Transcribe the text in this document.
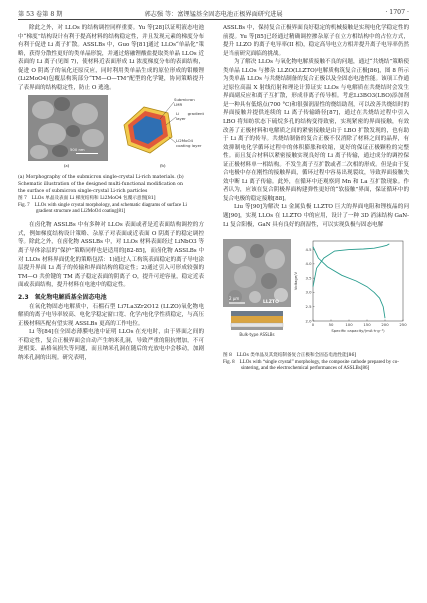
第 53 卷第 8 期	郭志强 等：富锂锰基全固态电池正极界面研究进展	· 1707 ·

除此之外，对 LLOs 的结构调控同样重要。Yu 等[28]以证明液态电池中“梯度”结构设计有利于提高材料的结构稳定性，并且发现元素的梯度分布有利于促进 Li 离子扩散。ASSLBs 中，Guo 等[81]通过 LLOs“单晶化”策略，获得分散性更好的类单晶形貌，并通过熔融锂酸盐提取类单晶 LLOs 近表面的 Li 离子(见图 7)，使材料近表面形成 Li 浓度梯度分布的表面结构，促进 O 阴离子的氧化还原反应，同时利用类单晶生成的原位形成的钼酸锂(Li2MoO4)包覆层构筑部分“TM—O—TM”配型的化学键，协同策略提升了表界面的结构稳定性，防止 O 逃逸。

500 nm
(a)
Submicron LMR
Li gradient layer
Li2MoO4 coating layer
(b)
(a) Morphography of the submicron single-crystal Li-rich materials. (b)
Schematic illustration of the designed multi-functional modification on
the surface of submicron single-crystal Li-rich particles
图 7　LLOs 单晶及表面 Li 梯度结构和 Li2MoO4 包覆示意图[81]
Fig. 7　LLOs with single crystal morphology, and schematic diagrams of surface Li gradient structure and Li2MoO4 coating[81]

在卤化物 ASSLBs 中有多种对 LLOs 表面或者是近表面结构调控的方式，例如梯度结构设计策略、杂原子对表面或近表面 O 阴离子的稳定调控等。除此之外，在卤化物 ASSLBs 中，对 LLOs 材料表面经过 LiNbO3 等离子导体涂层的“保护”策略同样也是适用的[82-85]，而卤化物 ASSLBs 中对 LLOs 材料界面优化的策略包括：1)通过人工构筑表面稳定的离子导电涂层提升界面 Li 离子的传输和界面结构的稳定性；2)通过引入可形成较强的 TM—O 共价键的 TM 离子稳定表面的阴离子 O，提升可逆容量，稳定近表面或表面结构，提升材料在电池中的稳定性。

2.3　氧化物电解质基全固态电池

在氧化物固态电解质中，石榴石型 Li7La3Zr2O12 (LLZO)氧化物电解质的离子电导率较高、电化学稳定窗口宽、化学/电化学性质稳定，与高压正极材料匹配有望实现 ASSLBs 更高的工作电位。

Li 等[84]在全固态薄膜电池中证明 LLOs 在充电时，由于界面之间的不稳定性，复合正极界面会自动产生纳米孔洞，导致严重的阻抗增加，不可逆相变、晶格氧损失等问题，而且纳米孔洞在随后的充放电中会移动，加剧纳米孔洞的出现。研究表明，

ASSLBs 中，保持复合正极界面良好稳定的机械接触是实现电化学稳定性的前提。Yu 等[85]已经通过精确调控掺杂原子在立方相结构中的占位方式，提升 LLZO 的离子电导率(II 相)，稳定高导电立方相并提升离子电导率仍然是当前研究面临的挑战。

为了解决 LLOs 与氧化物电解质接触不良的问题，通过“共烧结”策略使类单晶 LLOs 与掺杂 LLZO(LLZTO)电解质构筑复合正极[86]，图 8 所示为类单晶 LLOs 与共烧结制备的复合正极以及全固态电池性能。该项工作通过原位高温 X 射线衍射和理论计算证实 LLOs 与电解质在共烧结时会发生界面副反应和离子互扩散，形成非离子传导相。考虑Li3BO3(LBO)添加剂是一种具有低熔点(700 °C)和很强润湿性的烧结助剂，可以改善共烧结时的界面接触并提供连续的 Li 离子传输路径[87]，通过在共烧结过程中引入 LBO 将知纺状态下硫烷多孔的结构变得致密，实现紧密的界面接触，有效改善了正极材料和电解质之间的紧密接触是由于 LBO 扩散发现的，也有助于 Li 离子的传导。共烧结制备的复合正极不仅消除了材料之间的晶界，有效抑制电化学循环过程中的体积膨胀和收缩，更好的保证正极颗粒的完整性。而且复合材料以紧密接触实现良好的 Li 离子传输，通过成分的调控保证正极材料单一相结构。不发生离子互扩散或者二次相的形成。但是由于复合电极中存在刚性的接触界面，循环过程中容易出现裂纹，导致界面接触失效中断 Li 离子传输。此外，在循环中还观察到 Mn 和 La 互扩散现象。作者认为，应该在复合阴极界面构建弹性更好的“软接触”界面，保证循环中的复合电极的稳定接触[88]。

Liu 等[90]为解决 Li 金属负极 LLZTO 巨大的界面电阻和锂枝晶的问题[90]，实现 LLOs 在 LLZTO 中的应用，设计了一种 3D 消沫结构 GaN-Li 复合阳极，GaN 具有良好的润湿性，可以实现负极与固态电解

2 μm
LLZTO
Bulk-type ASSLBs
0	50	100	150	200	250
2.0
2.5
3.0
3.5
4.0
4.5
Specific capacity/(mA·h·g⁻¹)
Voltage/V
图 8　LLOs 类单晶及其烧结制备复合正极和全固态电池性能[86]
Fig. 8　LLOs with “single crystal” morphology, the composite cathode prepared by co-sintering, and the electrochemical performances of ASSLBs[86]
